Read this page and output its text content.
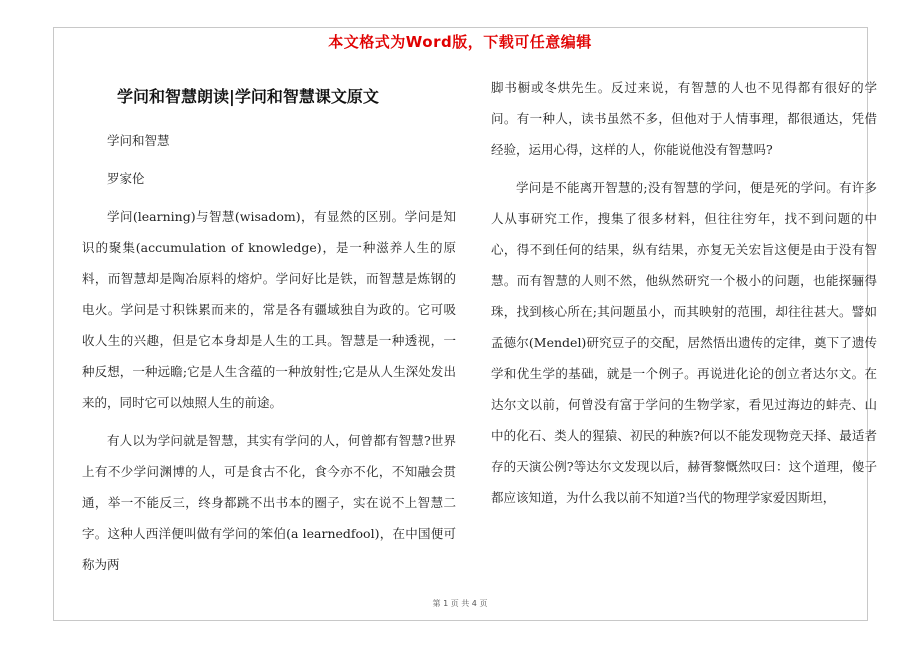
本文格式为Word版，下载可任意编辑
学问和智慧朗读|学问和智慧课文原文

学问和智慧

罗家伦

学问(learning)与智慧(wisadom)，有显然的区别。学问是知识的聚集(accumulation of knowledge)，是一种滋养人生的原料，而智慧却是陶冶原料的熔炉。学问好比是铁，而智慧是炼钢的电火。学问是寸积铢累而来的，常是各有疆域独自为政的。它可吸收人生的兴趣，但是它本身却是人生的工具。智慧是一种透视，一种反想，一种远瞻;它是人生含蕴的一种放射性;它是从人生深处发出来的，同时它可以烛照人生的前途。

有人以为学问就是智慧，其实有学问的人，何曾都有智慧?世界上有不少学问渊博的人，可是食古不化，食今亦不化，不知融会贯通，举一不能反三，终身都跳不出书本的圈子，实在说不上智慧二字。这种人西洋便叫做有学问的笨伯(a learnedfool)，在中国便可称为两

脚书橱或冬烘先生。反过来说，有智慧的人也不见得都有很好的学问。有一种人，读书虽然不多，但他对于人情事理，都很通达，凭借经验，运用心得，这样的人，你能说他没有智慧吗?

学问是不能离开智慧的;没有智慧的学问，便是死的学问。有许多人从事研究工作，搜集了很多材料，但往往穷年，找不到问题的中心，得不到任何的结果，纵有结果，亦复无关宏旨这便是由于没有智慧。而有智慧的人则不然，他纵然研究一个极小的问题，也能探骊得珠，找到核心所在;其问题虽小，而其映射的范围，却往往甚大。譬如孟德尔(Mendel)研究豆子的交配，居然悟出遗传的定律，奠下了遗传学和优生学的基础，就是一个例子。再说进化论的创立者达尔文。在达尔文以前，何曾没有富于学问的生物学家，看见过海边的蚌壳、山中的化石、类人的猩猿、初民的种族?何以不能发现物竞天择、最适者存的天演公例?等达尔文发现以后，赫胥黎慨然叹曰：这个道理，傻子都应该知道，为什么我以前不知道?当代的物理学家爱因斯坦，

第 1 页 共 4 页
